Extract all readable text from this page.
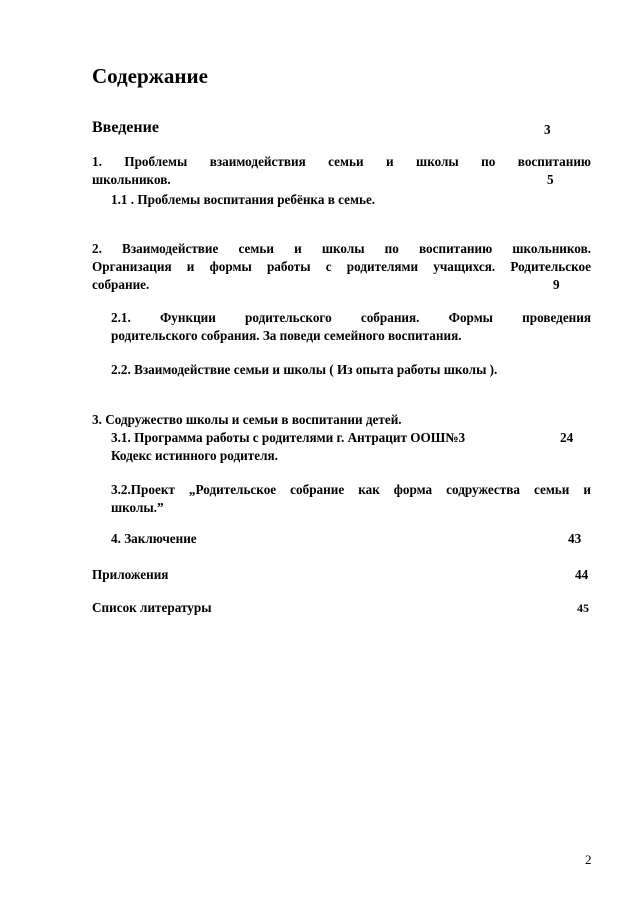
Содержание
Введение	3
1. Проблемы взаимодействия семьи и школы по воспитанию
школьников.	5
1.1 . Проблемы воспитания ребёнка в семье.
2. Взаимодействие семьи и школы по воспитанию школьников.
Организация и формы работы с родителями учащихся. Родительское
собрание.	9
2.1. Функции родительского собрания. Формы проведения
родительского собрания. За поведи семейного воспитания.
2.2. Взаимодействие семьи и школы ( Из опыта работы школы ).
3. Содружество школы и семьи в воспитании детей.
3.1. Программа работы с родителями г. Антрацит ООШ№3	24
Кодекс истинного родителя.
3.2.Проект „Родительское собрание как форма содружества семьи и
школы.”
4. Заключение	43
Приложения	44
Список литературы	45
2
